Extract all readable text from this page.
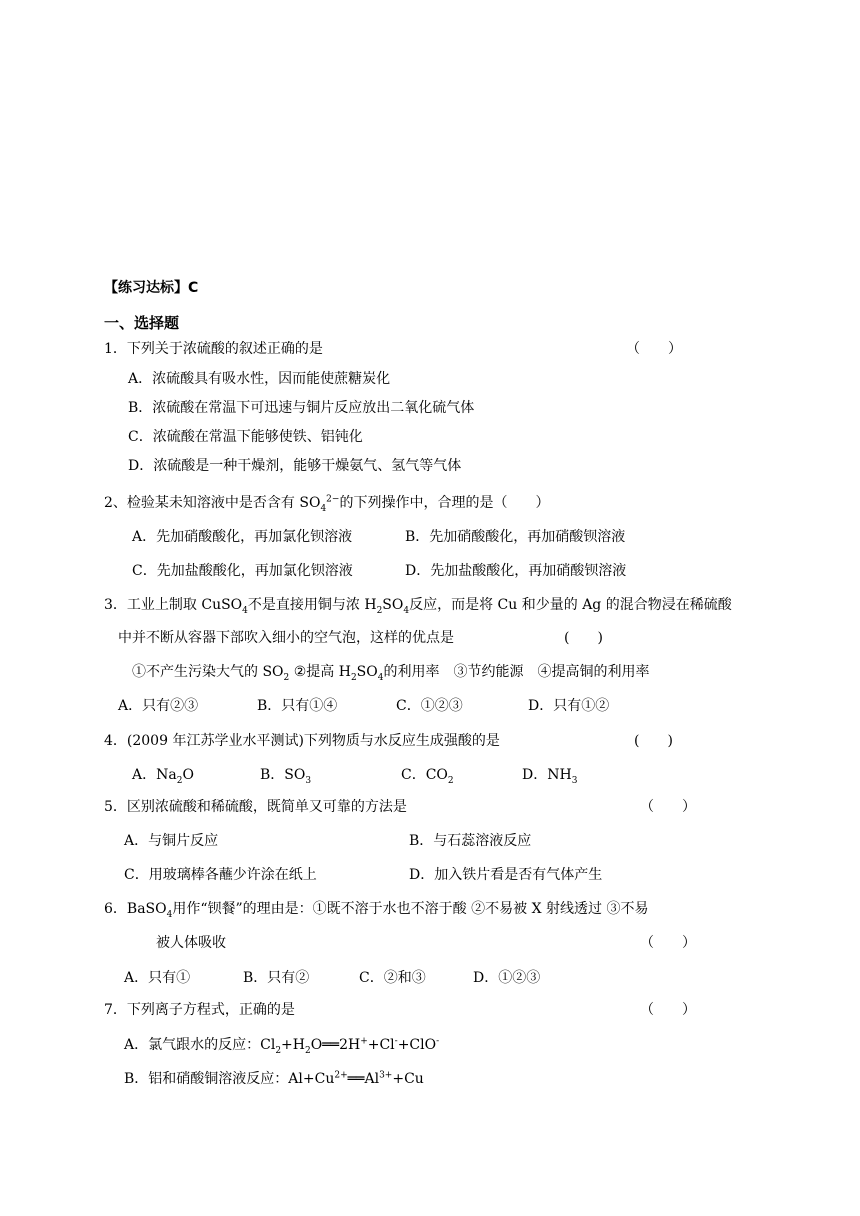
【练习达标】C
一、选择题
1．下列关于浓硫酸的叙述正确的是	（　　）
A．浓硫酸具有吸水性，因而能使蔗糖炭化
B．浓硫酸在常温下可迅速与铜片反应放出二氧化硫气体
C．浓硫酸在常温下能够使铁、铝钝化
D．浓硫酸是一种干燥剂，能够干燥氨气、氢气等气体
2、检验某未知溶液中是否含有 $SO_4^{2-}$的下列操作中，合理的是（　　）
A．先加硝酸酸化，再加氯化钡溶液	B．先加硝酸酸化，再加硝酸钡溶液
C．先加盐酸酸化，再加氯化钡溶液	D．先加盐酸酸化，再加硝酸钡溶液
3．工业上制取 CuSO$_4$不是直接用铜与浓 $H_2SO_4$反应，而是将 Cu 和少量的 Ag 的混合物浸在稀硫酸
中并不断从容器下部吹入细小的空气泡，这样的优点是	(　　)
①不产生污染大气的 $SO_2$ ②提高 $H_2SO_4$的利用率　③节约能源　④提高铜的利用率
A．只有②③	B．只有①④	C．①②③	D．只有①②
4．(2009 年江苏学业水平测试)下列物质与水反应生成强酸的是	(　　)
A．$Na_2O$	B．$SO_3$	C．$CO_2$	D．$NH_3$
5．区别浓硫酸和稀硫酸，既简单又可靠的方法是	（　　）
A．与铜片反应	B．与石蕊溶液反应
C．用玻璃棒各蘸少许涂在纸上	D．加入铁片看是否有气体产生
6．BaSO$_4$用作“钡餐”的理由是：①既不溶于水也不溶于酸 ②不易被 X 射线透过 ③不易
被人体吸收	（　　）
A．只有①	B．只有②	C．②和③	D．①②③
7．下列离子方程式，正确的是	（　　）
A．氯气跟水的反应：$Cl_2+H_2O══2H^++Cl^-+ClO^-$
B．铝和硝酸铜溶液反应：$Al+Cu^{2+}══Al^{3+}+Cu$
